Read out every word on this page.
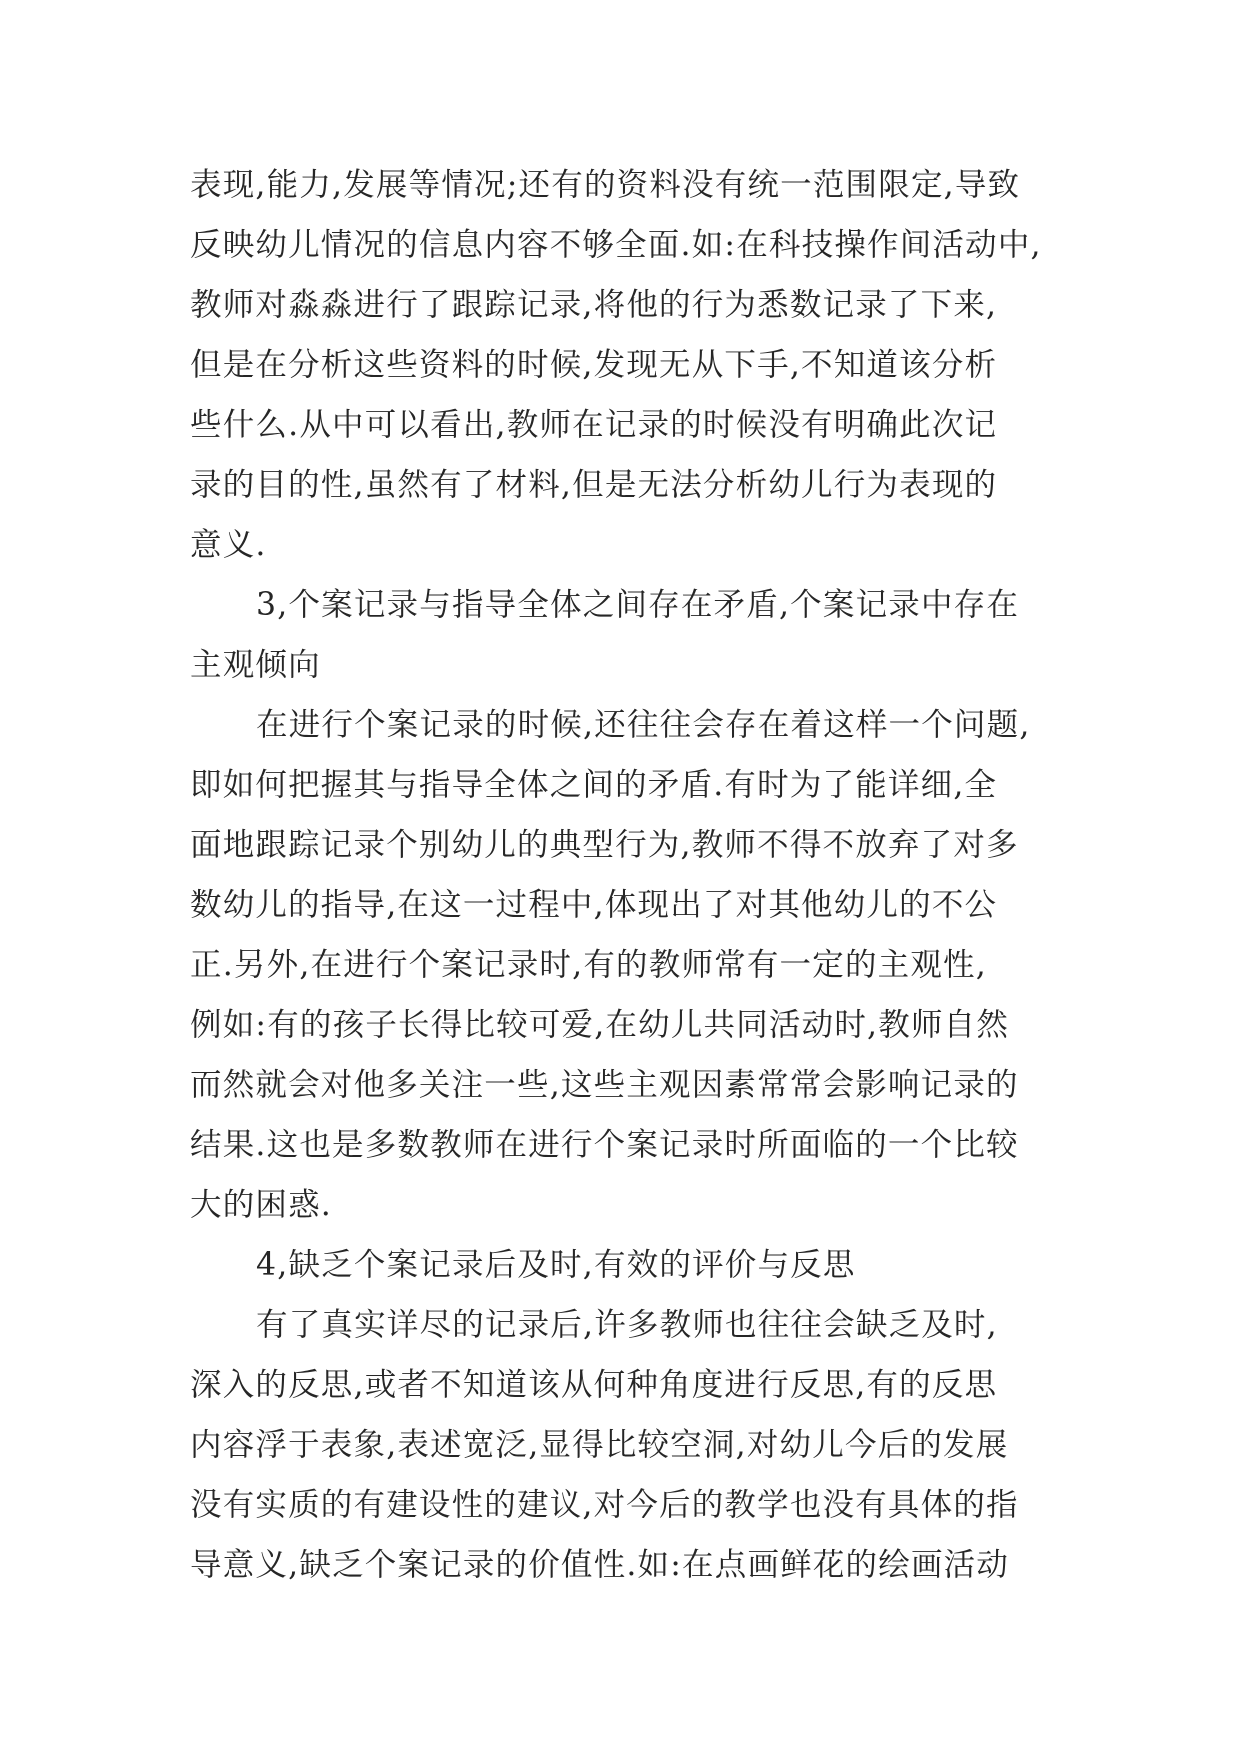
表现,能力,发展等情况;还有的资料没有统一范围限定,导致
反映幼儿情况的信息内容不够全面.如:在科技操作间活动中,
教师对淼淼进行了跟踪记录,将他的行为悉数记录了下来,
但是在分析这些资料的时候,发现无从下手,不知道该分析
些什么.从中可以看出,教师在记录的时候没有明确此次记
录的目的性,虽然有了材料,但是无法分析幼儿行为表现的
意义.
3,个案记录与指导全体之间存在矛盾,个案记录中存在
主观倾向
在进行个案记录的时候,还往往会存在着这样一个问题,
即如何把握其与指导全体之间的矛盾.有时为了能详细,全
面地跟踪记录个别幼儿的典型行为,教师不得不放弃了对多
数幼儿的指导,在这一过程中,体现出了对其他幼儿的不公
正.另外,在进行个案记录时,有的教师常有一定的主观性,
例如:有的孩子长得比较可爱,在幼儿共同活动时,教师自然
而然就会对他多关注一些,这些主观因素常常会影响记录的
结果.这也是多数教师在进行个案记录时所面临的一个比较
大的困惑.
4,缺乏个案记录后及时,有效的评价与反思
有了真实详尽的记录后,许多教师也往往会缺乏及时,
深入的反思,或者不知道该从何种角度进行反思,有的反思
内容浮于表象,表述宽泛,显得比较空洞,对幼儿今后的发展
没有实质的有建设性的建议,对今后的教学也没有具体的指
导意义,缺乏个案记录的价值性.如:在点画鲜花的绘画活动
